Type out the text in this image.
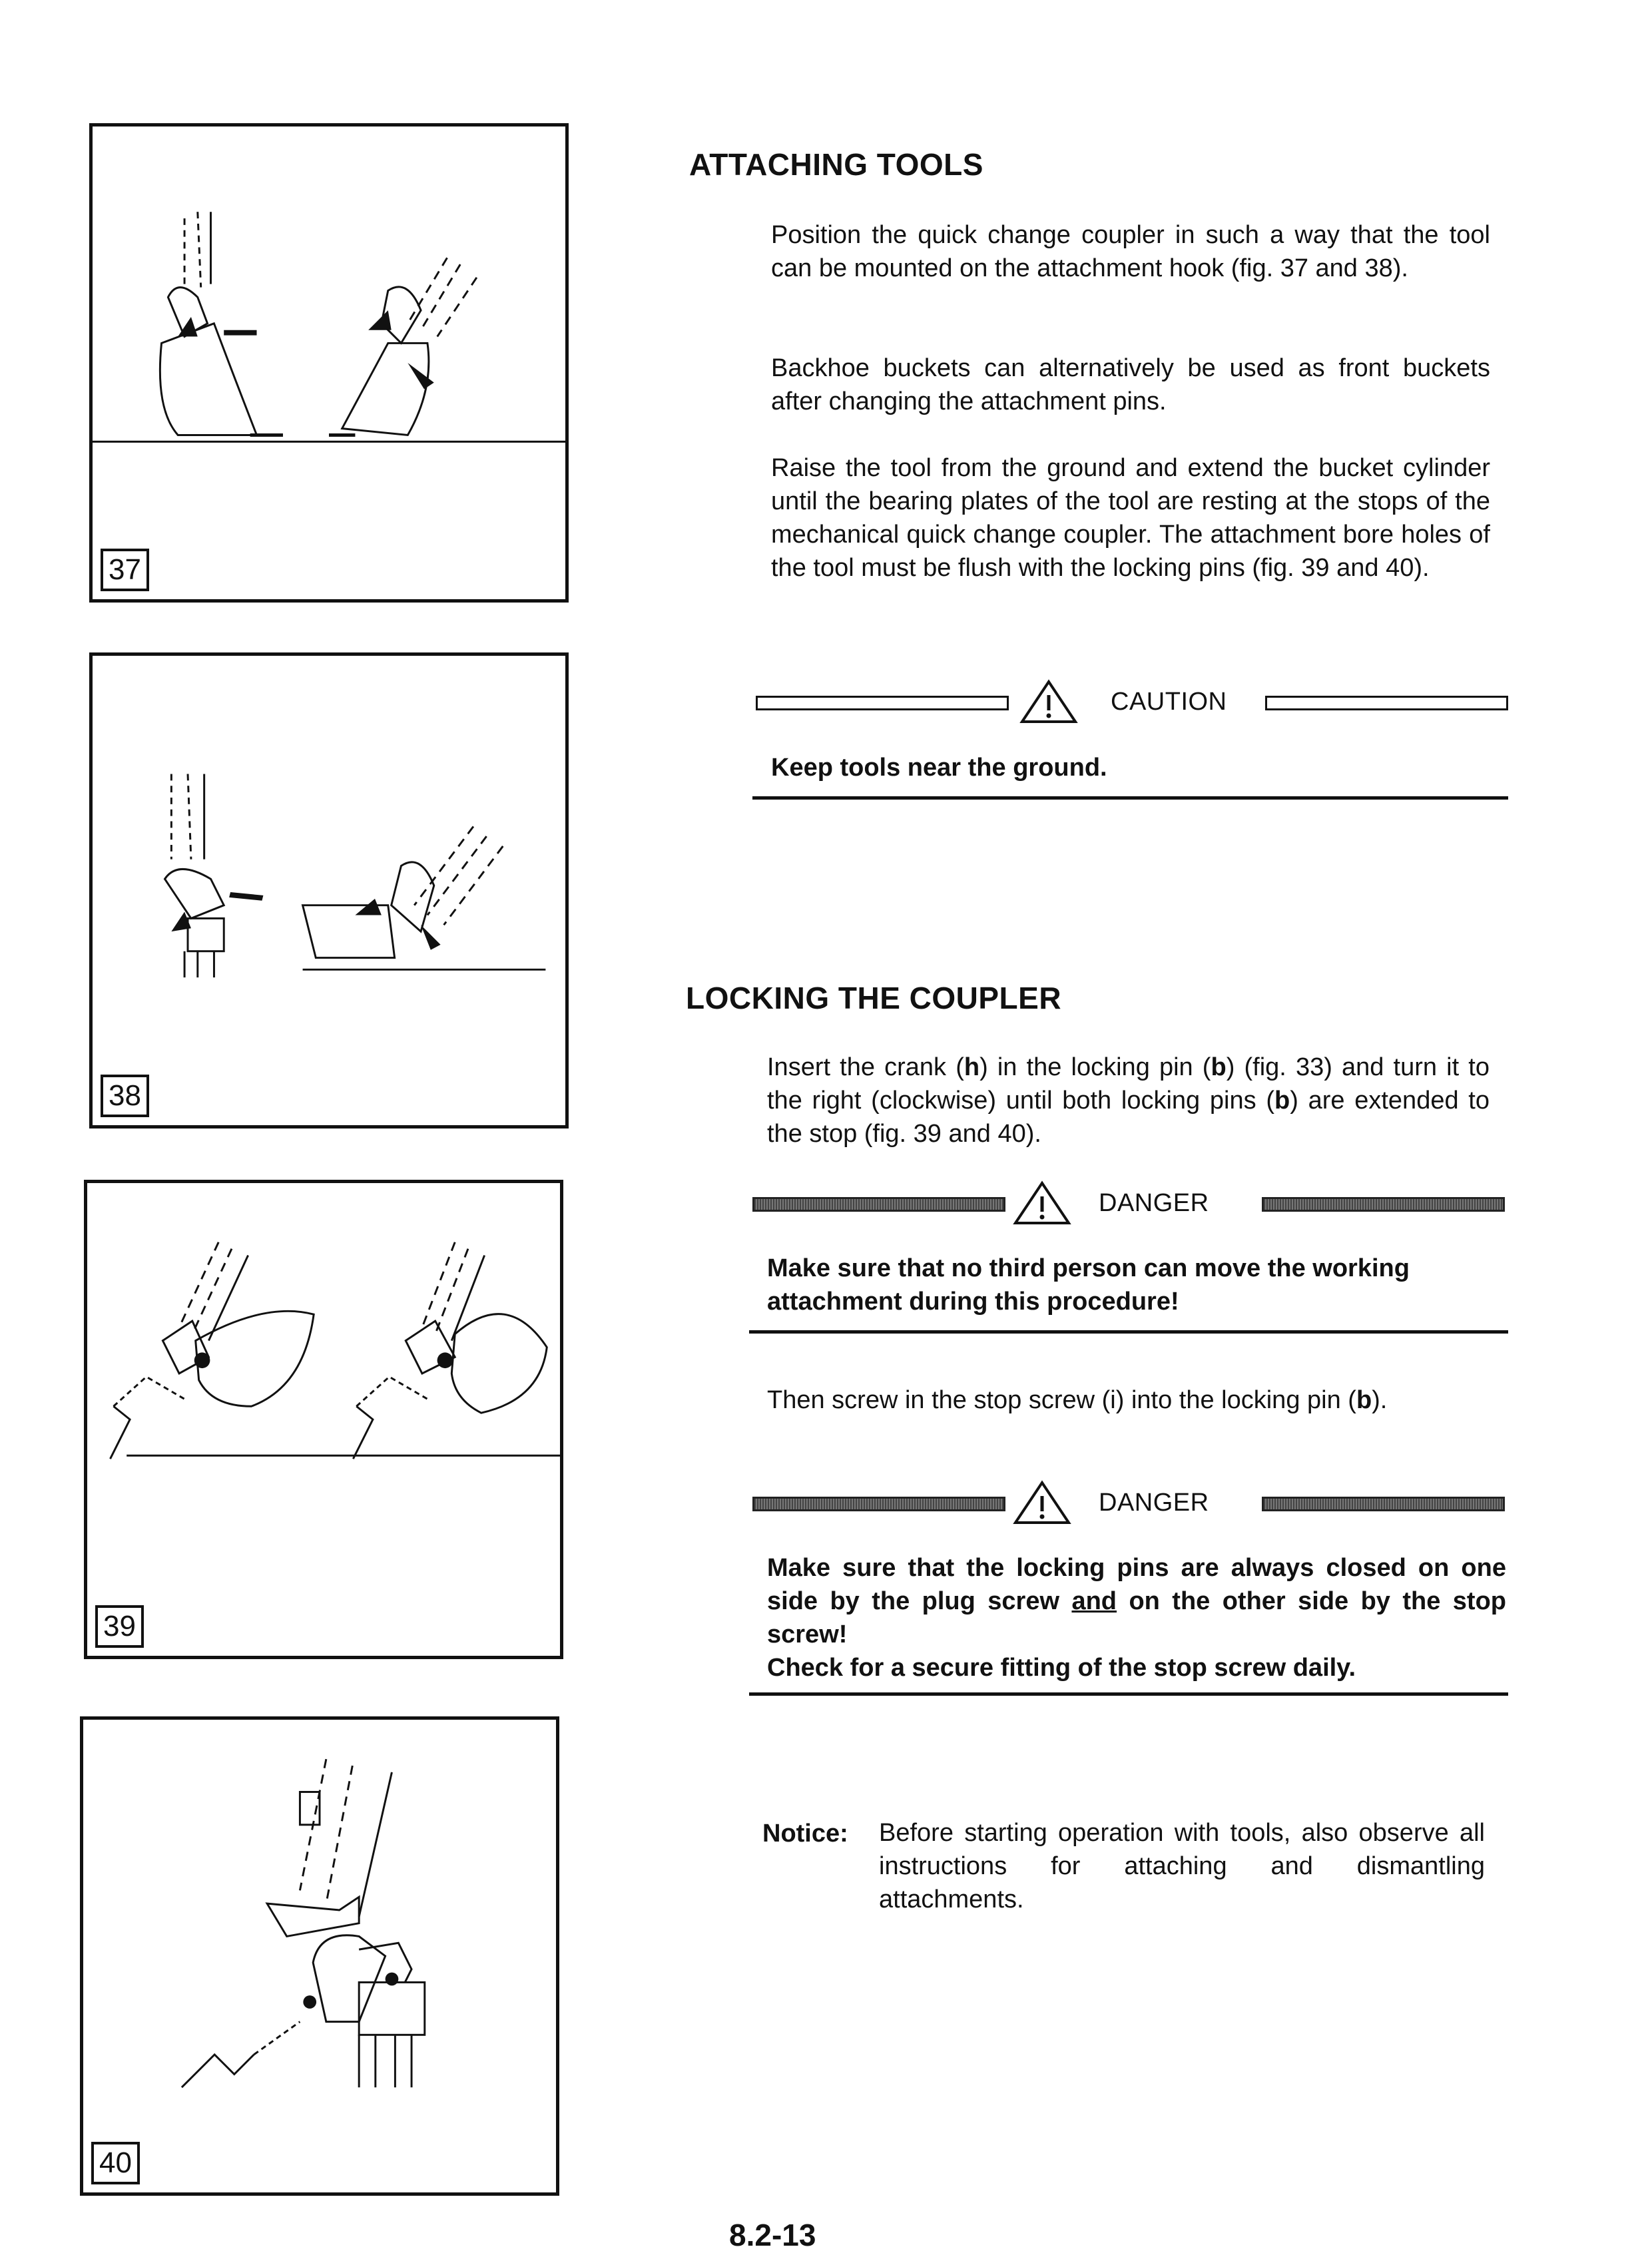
37
38
39
40
ATTACHING TOOLS
Position the quick change coupler in such a way that the tool can be mounted on the attachment hook (fig. 37 and 38).
Backhoe buckets can alternatively be used as front buckets after changing the attachment pins.
Raise the tool from the ground and extend the bucket cylinder until the bearing plates of the tool are resting at the stops of the mechanical quick change coupler. The attachment bore holes of the tool must be flush with the locking pins (fig. 39 and 40).
CAUTION
Keep tools near the ground.
LOCKING THE COUPLER
Insert the crank (h) in the locking pin (b) (fig. 33) and turn it to the right (clockwise) until both locking pins (b) are extended to the stop (fig. 39 and 40).
DANGER
Make sure that no third person can move the working attachment during this procedure!
Then screw in the stop screw (i) into the locking pin (b).
DANGER
Make sure that the locking pins are always closed on one side by the plug screw and on the other side by the stop screw!
Check for a secure fitting of the stop screw daily.
Notice: Before starting operation with tools, also observe all instructions for attaching and dismantling attachments.
8.2-13
